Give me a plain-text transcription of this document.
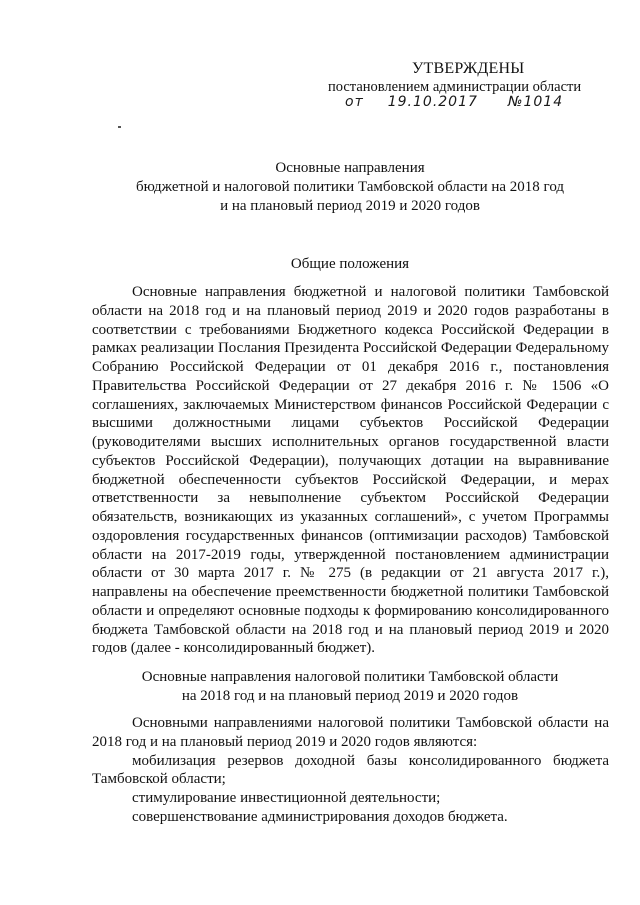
УТВЕРЖДЕНЫ
постановлением администрации области
от 19.10.2017 №1014
Основные направления
бюджетной и налоговой политики Тамбовской области на 2018 год
и на плановый период 2019 и 2020 годов
Общие положения

Основные направления бюджетной и налоговой политики Тамбовской области на 2018 год и на плановый период 2019 и 2020 годов разработаны в соответствии с требованиями Бюджетного кодекса Российской Федерации в рамках реализации Послания Президента Российской Федерации Федеральному Собранию Российской Федерации от 01 декабря 2016 г., постановления Правительства Российской Федерации от 27 декабря 2016 г. № 1506 «О соглашениях, заключаемых Министерством финансов Российской Федерации с высшими должностными лицами субъектов Российской Федерации (руководителями высших исполнительных органов государственной власти субъектов Российской Федерации), получающих дотации на выравнивание бюджетной обеспеченности субъектов Российской Федерации, и мерах ответственности за невыполнение субъектом Российской Федерации обязательств, возникающих из указанных соглашений», с учетом Программы оздоровления государственных финансов (оптимизации расходов) Тамбовской области на 2017-2019 годы, утвержденной постановлением администрации области от 30 марта 2017 г. № 275 (в редакции от 21 августа 2017 г.), направлены на обеспечение преемственности бюджетной политики Тамбовской области и определяют основные подходы к формированию консолидированного бюджета Тамбовской области на 2018 год и на плановый период 2019 и 2020 годов (далее - консолидированный бюджет).

Основные направления налоговой политики Тамбовской области
на 2018 год и на плановый период 2019 и 2020 годов

Основными направлениями налоговой политики Тамбовской области на 2018 год и на плановый период 2019 и 2020 годов являются:

мобилизация резервов доходной базы консолидированного бюджета Тамбовской области;

стимулирование инвестиционной деятельности;

совершенствование администрирования доходов бюджета.
